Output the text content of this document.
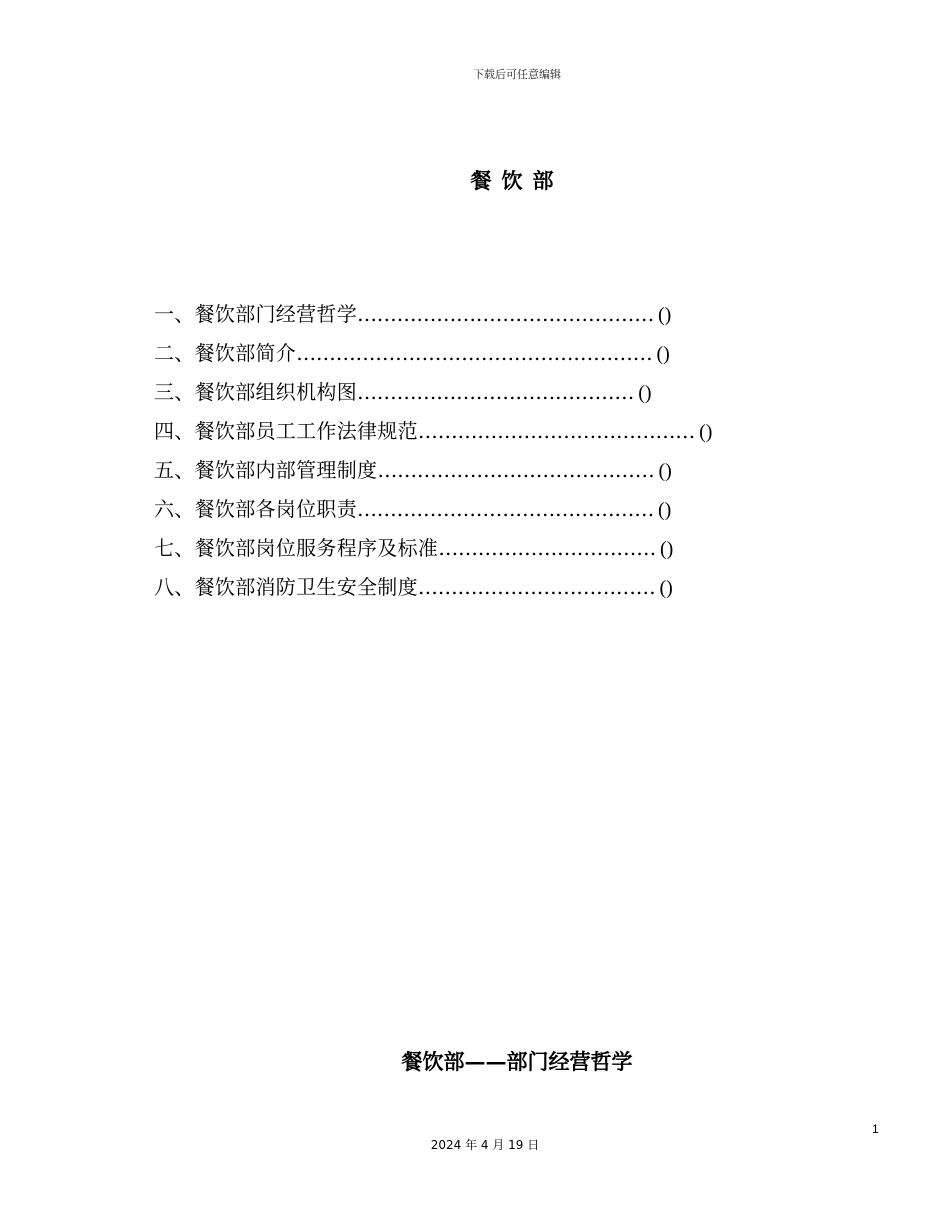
下载后可任意编辑
餐饮部
一、餐饮部门经营哲学……………………………………… ()
二、餐饮部简介……………………………………………… ()
三、餐饮部组织机构图…………………………………… ()
四、餐饮部员工工作法律规范…………………………………… ()
五、餐饮部内部管理制度…………………………………… ()
六、餐饮部各岗位职责……………………………………… ()
七、餐饮部岗位服务程序及标准…………………………… ()
八、餐饮部消防卫生安全制度……………………………… ()
餐饮部——部门经营哲学
1
2024 年 4 月 19 日
